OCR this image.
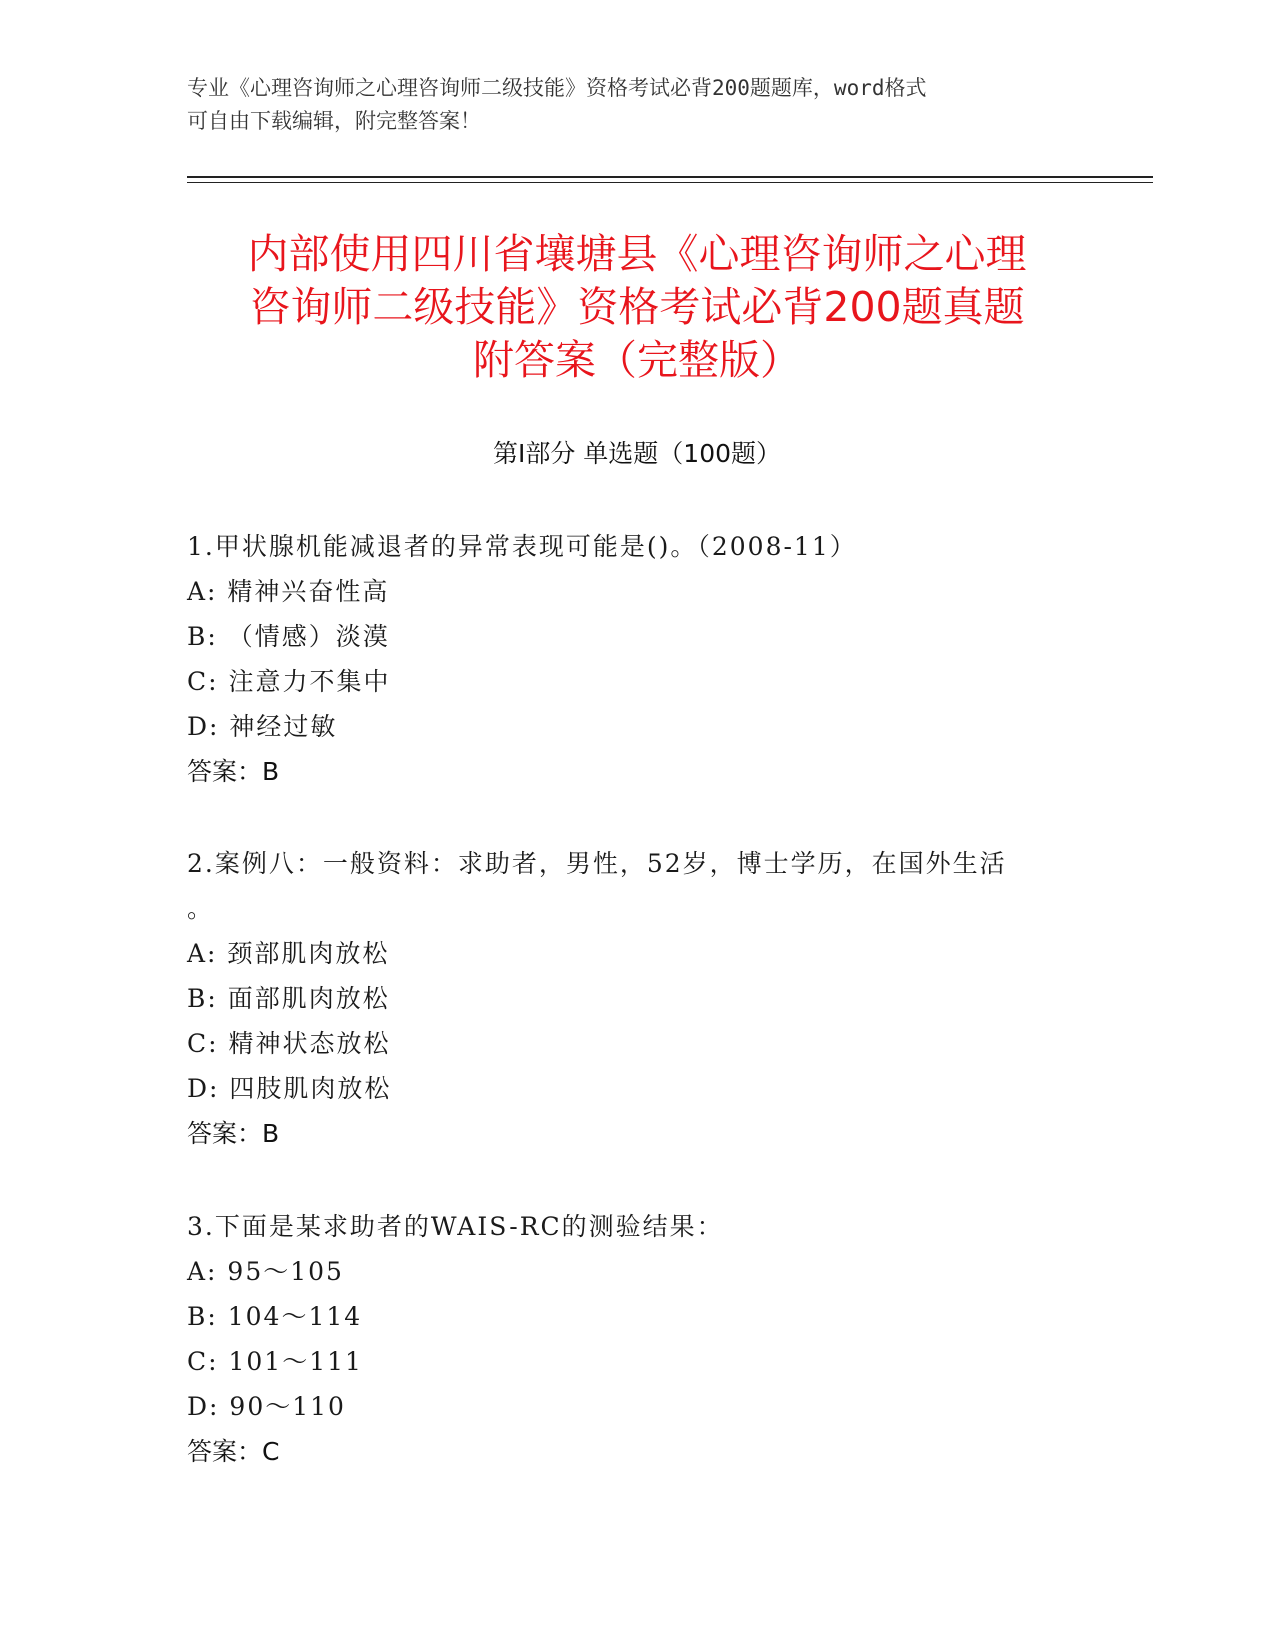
专业《心理咨询师之心理咨询师二级技能》资格考试必背200题题库，word格式
可自由下载编辑，附完整答案！
内部使用四川省壤塘县《心理咨询师之心理
咨询师二级技能》资格考试必背200题真题
附答案（完整版）
第Ⅰ部分 单选题（100题）
1.甲状腺机能减退者的异常表现可能是()。（2008-11）
A: 精神兴奋性高
B: （情感）淡漠
C: 注意力不集中
D: 神经过敏
答案：B
2.案例八：一般资料：求助者，男性，52岁，博士学历，在国外生活
。
A: 颈部肌肉放松
B: 面部肌肉放松
C: 精神状态放松
D: 四肢肌肉放松
答案：B
3.下面是某求助者的WAIS-RC的测验结果：
A: 95～105
B: 104～114
C: 101～111
D: 90～110
答案：C
